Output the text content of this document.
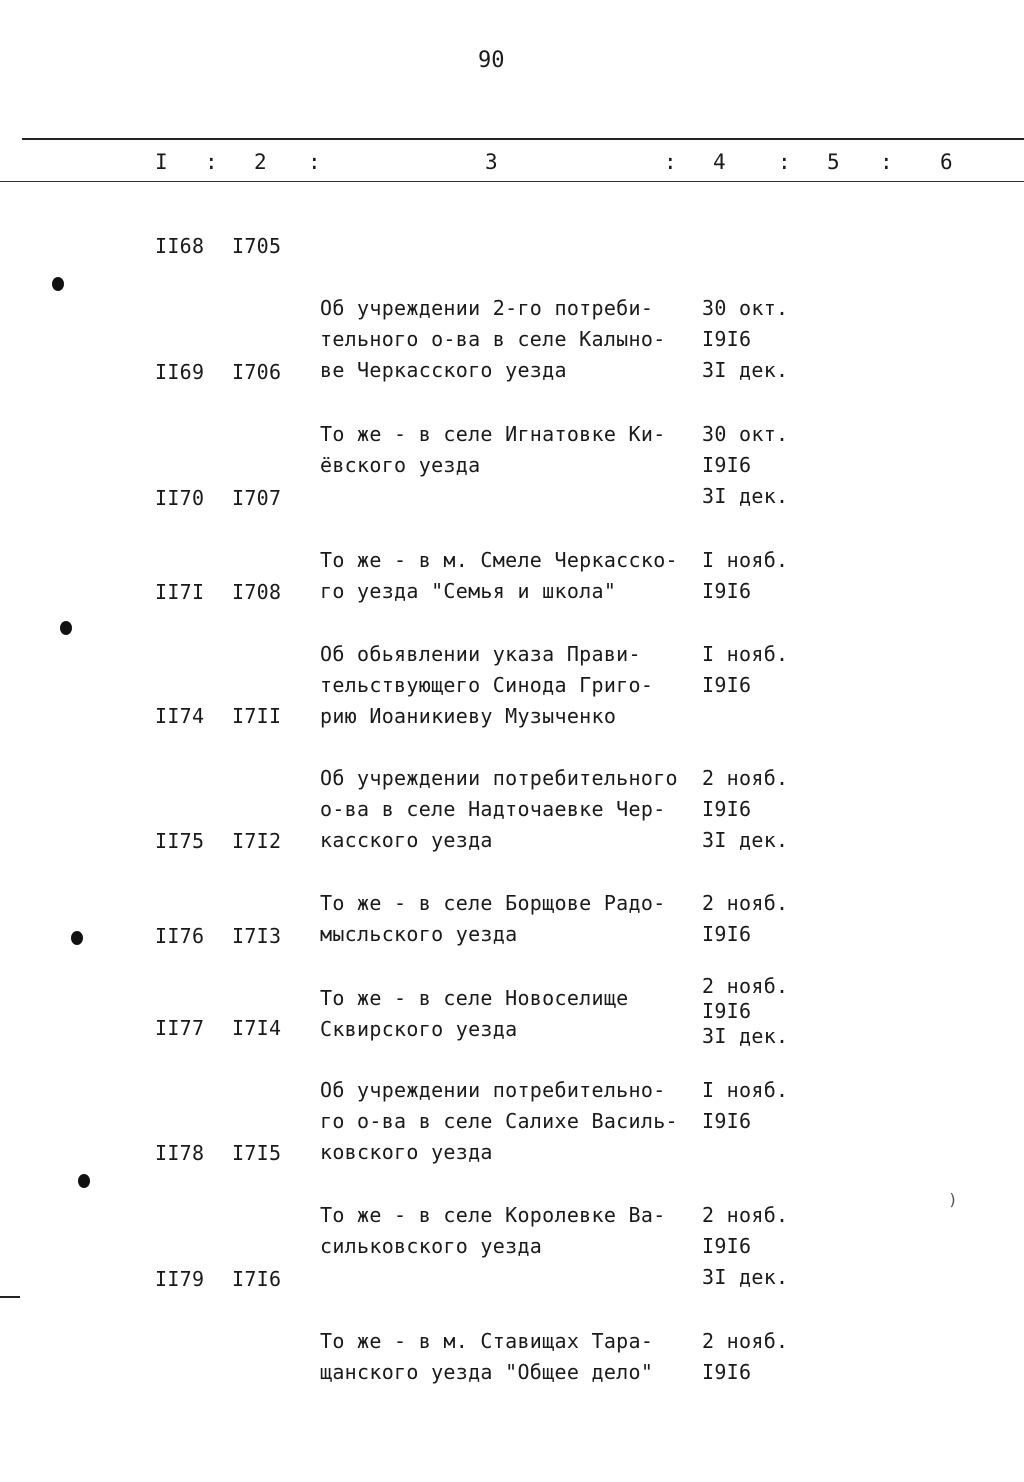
90
I : 2 :	3	: 4 : 5 : 6
II68 I705

Об учреждении 2-го потреби-
тельного о-ва в селе Калыно-
ве Черкасского уезда

30 окт.
I9I6
3I дек.

II69 I706

То же - в селе Игнатовке Ки-
ёвского уезда

30 окт.
I9I6
3I дек.

II70 I707

То же - в м. Смеле Черкасско-
го уезда "Семья и школа"

I нояб.
I9I6

II7I I708

Об обьявлении указа Прави-
тельствующего Синода Григо-
рию Иоаникиеву Музыченко

I нояб.
I9I6

II74 I7II

Об учреждении потребительного
о-ва в селе Надточаевке Чер-
касского уезда

2 нояб.
I9I6
3I дек.

II75 I7I2

То же - в селе Борщове Радо-
мысльского уезда

2 нояб.
I9I6

II76 I7I3

То же - в селе Новоселище
Сквирского уезда

2 нояб.
I9I6
3I дек.

II77 I7I4

Об учреждении потребительно-
го о-ва в селе Салихе Василь-
ковского уезда

I нояб.
I9I6

II78 I7I5

То же - в селе Королевке Ва-
сильковского уезда

2 нояб.
I9I6
3I дек.

II79 I7I6

То же - в м. Ставищах Тара-
щанского уезда "Общее дело"

2 нояб.
I9I6

)
